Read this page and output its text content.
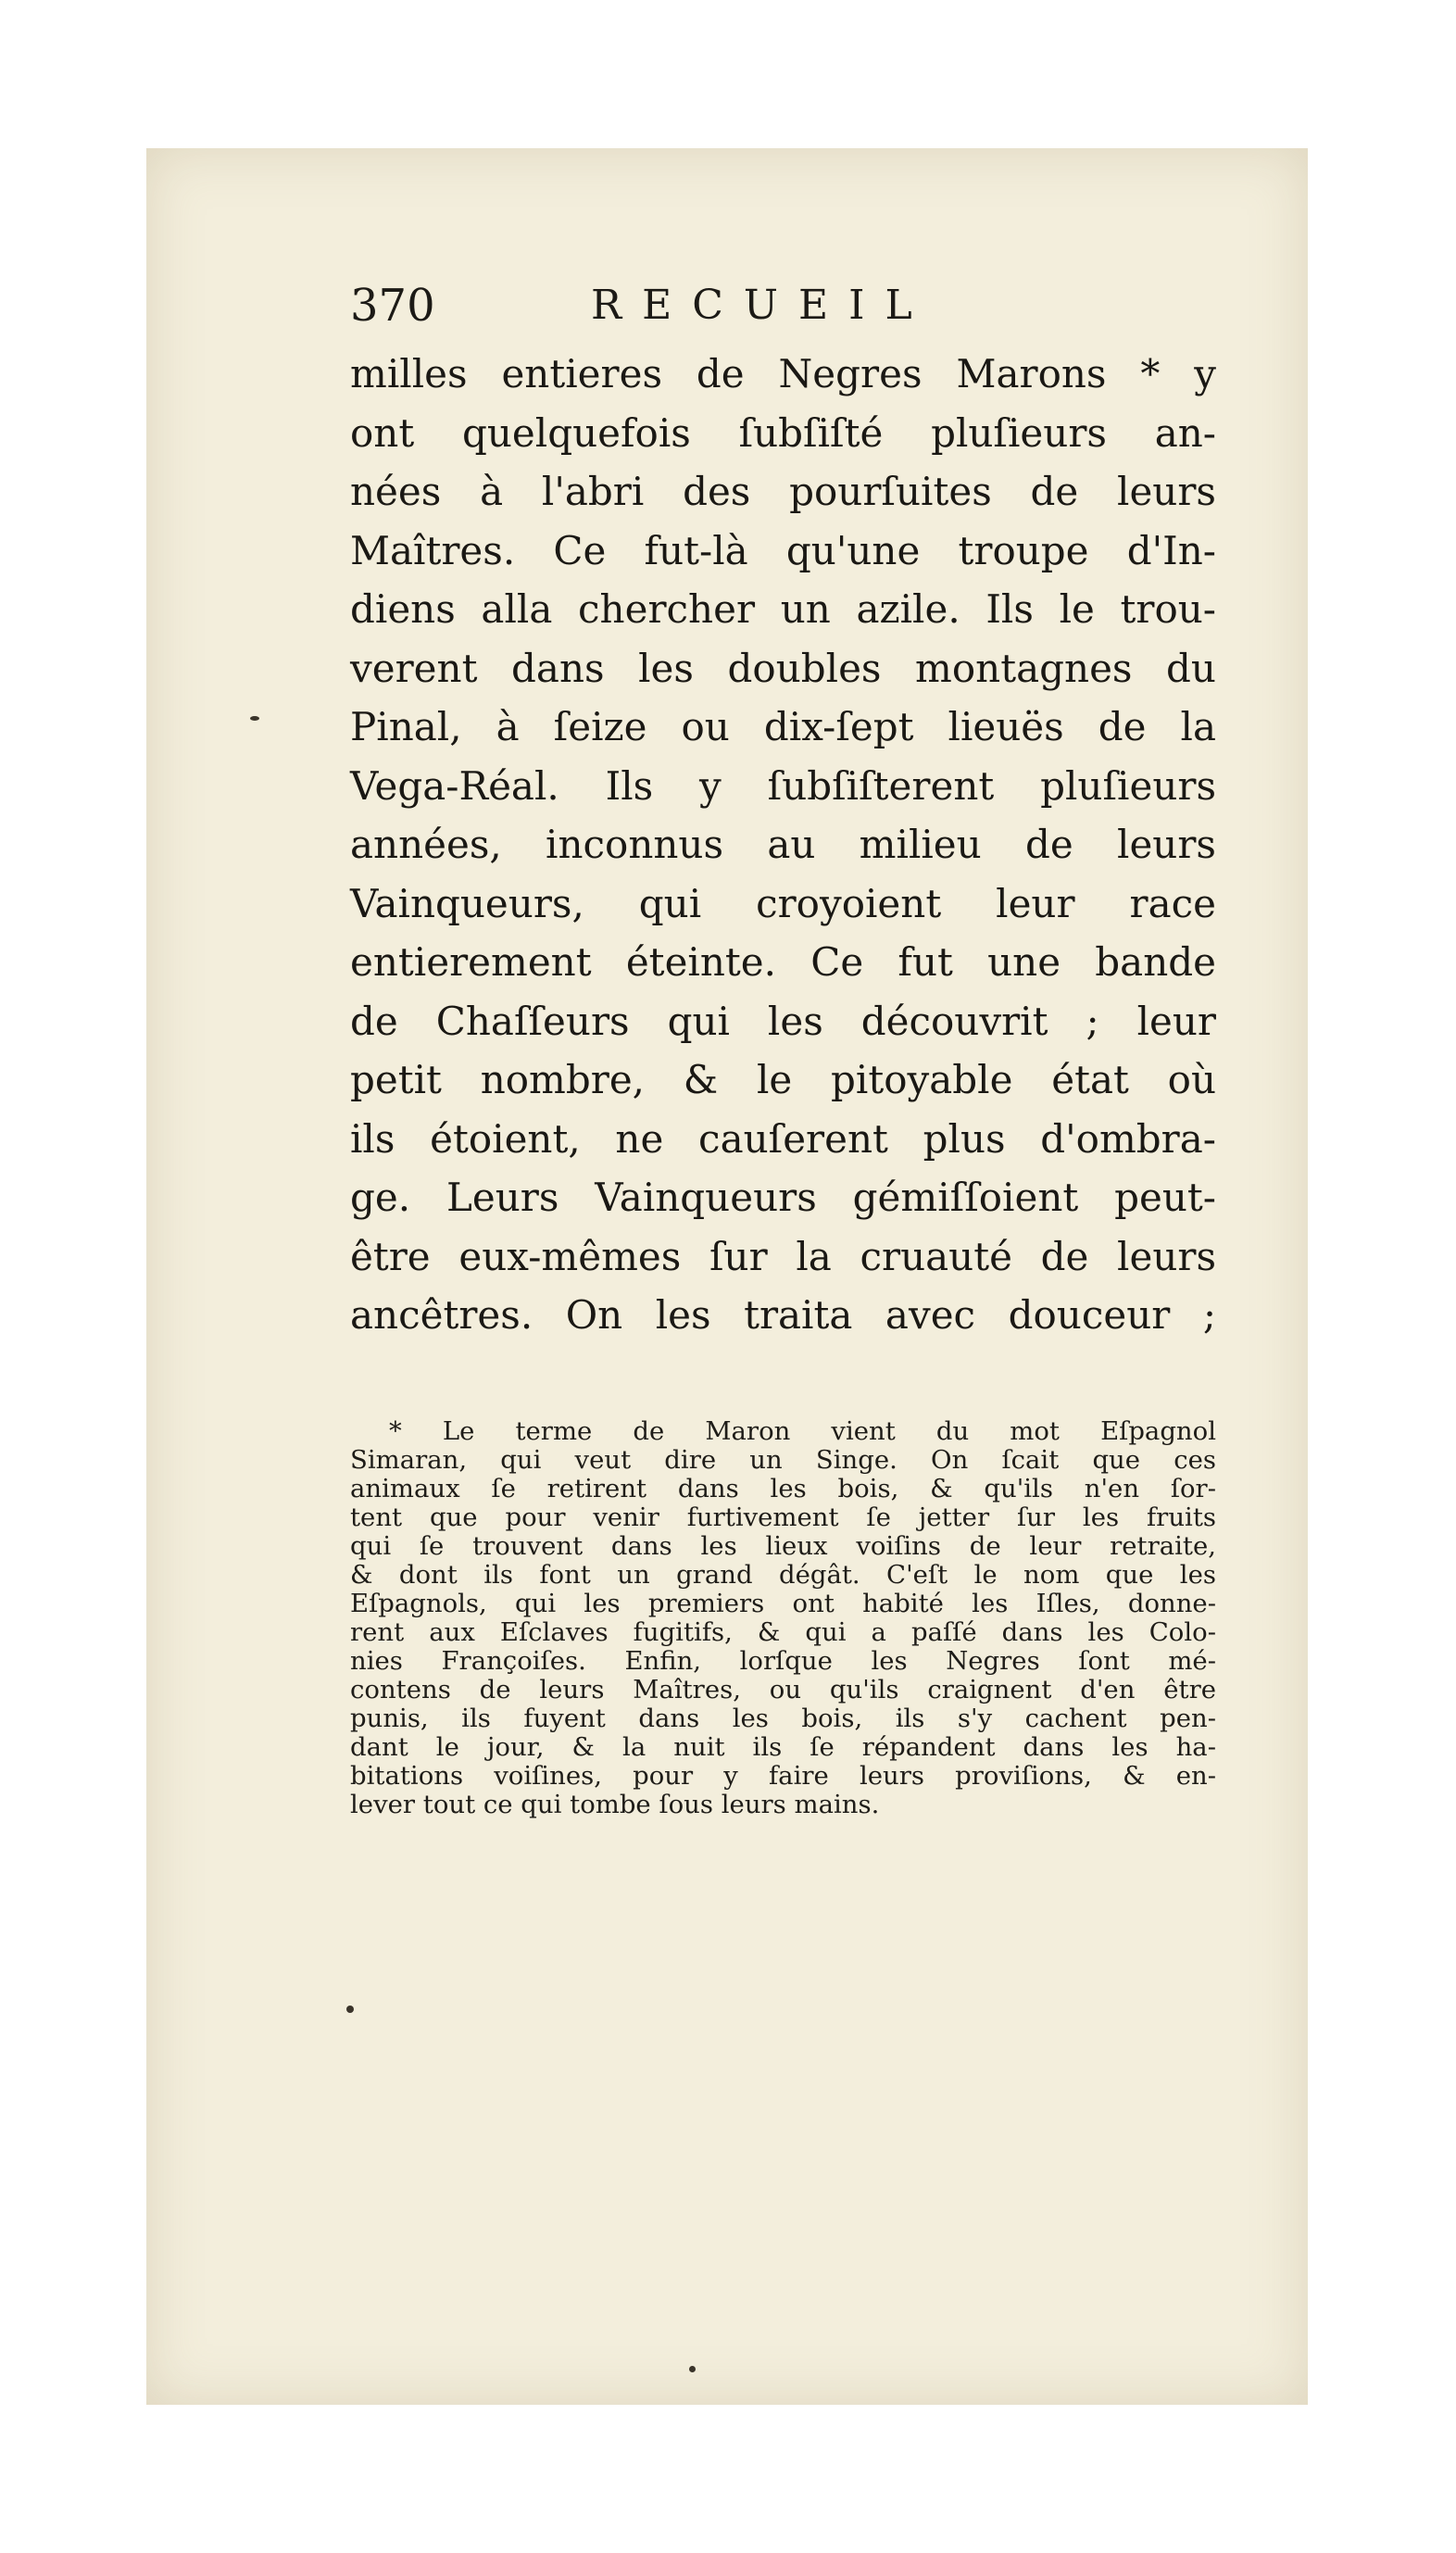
370	RECUEIL
milles entieres de Negres Marons * y
ont quelquefois ſubſiſté pluſieurs an-
nées à l'abri des pourſuites de leurs
Maîtres. Ce fut-là qu'une troupe d'In-
diens alla chercher un azile. Ils le trou-
verent dans les doubles montagnes du
Pinal, à ſeize ou dix-ſept lieuës de la
Vega-Réal. Ils y ſubſiſterent pluſieurs
années, inconnus au milieu de leurs
Vainqueurs, qui croyoient leur race
entierement éteinte. Ce fut une bande
de Chaſſeurs qui les découvrit ; leur
petit nombre, & le pitoyable état où
ils étoient, ne cauſerent plus d'ombra-
ge. Leurs Vainqueurs gémiſſoient peut-
être eux-mêmes ſur la cruauté de leurs
ancêtres. On les traita avec douceur ;
* Le terme de Maron vient du mot Eſpagnol
Simaran, qui veut dire un Singe. On ſcait que ces
animaux ſe retirent dans les bois, & qu'ils n'en ſor-
tent que pour venir furtivement ſe jetter ſur les fruits
qui ſe trouvent dans les lieux voiſins de leur retraite,
& dont ils font un grand dégât. C'eſt le nom que les
Eſpagnols, qui les premiers ont habité les Iſles, donne-
rent aux Eſclaves fugitifs, & qui a paſſé dans les Colo-
nies Françoiſes. Enfin, lorſque les Negres ſont mé-
contens de leurs Maîtres, ou qu'ils craignent d'en être
punis, ils fuyent dans les bois, ils s'y cachent pen-
dant le jour, & la nuit ils ſe répandent dans les ha-
bitations voiſines, pour y faire leurs proviſions, & en-
lever tout ce qui tombe ſous leurs mains.
